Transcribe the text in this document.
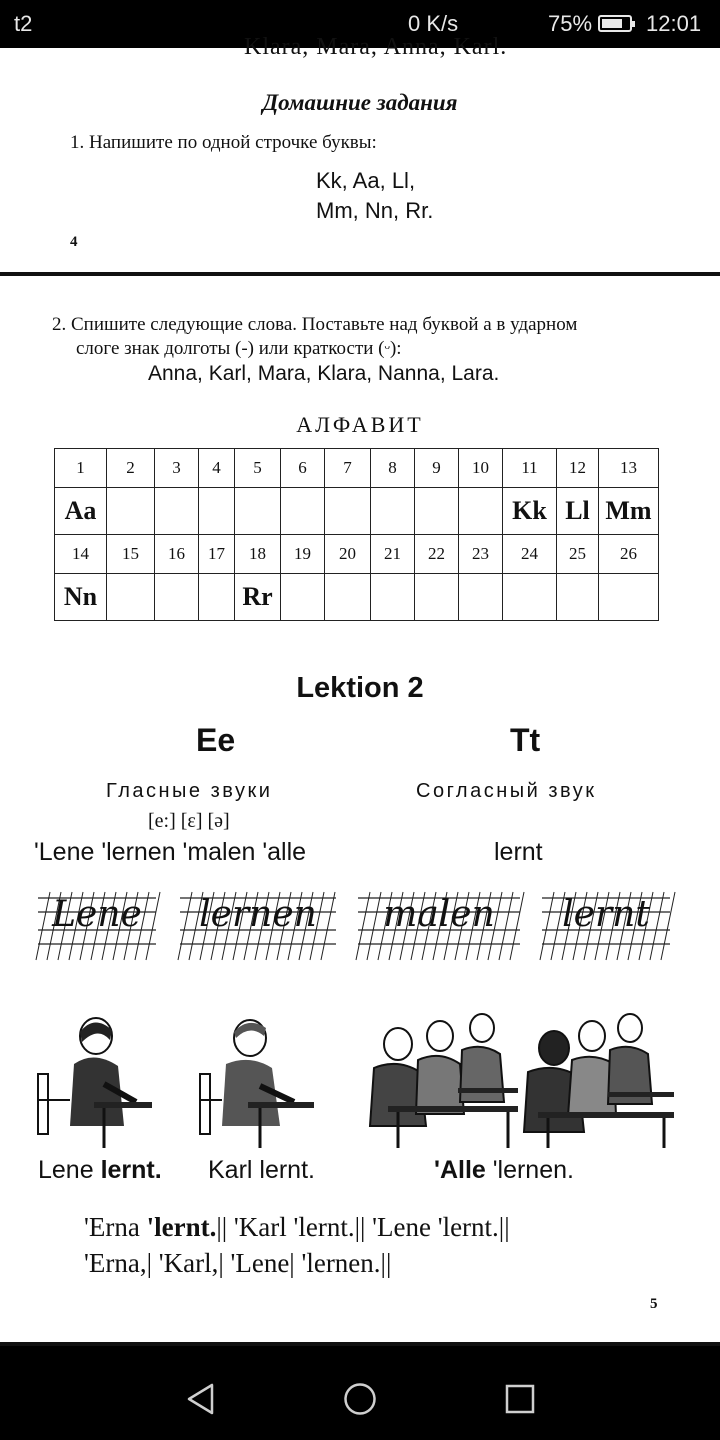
t2	0 K/s	75% 12:01
Klara, Mara, Anna, Karl.
Домашние задания
1. Напишите по одной строчке буквы:
Kk, Aa, Ll,
Mm, Nn, Rr.
4
2. Спишите следующие слова. Поставьте над буквой а в ударном
слоге знак долготы (-) или краткости (ᵕ):
Anna, Karl, Mara, Klara, Nanna, Lara.
АЛФАВИТ
1	2	3	4	5	6	7	8	9	10	11	12	13
Aa										Kk	Ll	Mm
14	15	16	17	18	19	20	21	22	23	24	25	26
Nn				Rr								
Lektion 2
Ee	Tt
Гласные звуки	Согласный звук
[e:] [ɛ] [ə]
'Lene 'lernen 'malen 'alle	lernt
Lene	lernen	malen	lernt
Lene lernt. Karl lernt.	'Alle 'lernen.
'Erna 'lernt.|| 'Karl 'lernt.|| 'Lene 'lernt.||
'Erna,| 'Karl,| 'Lene| 'lernen.||
5
